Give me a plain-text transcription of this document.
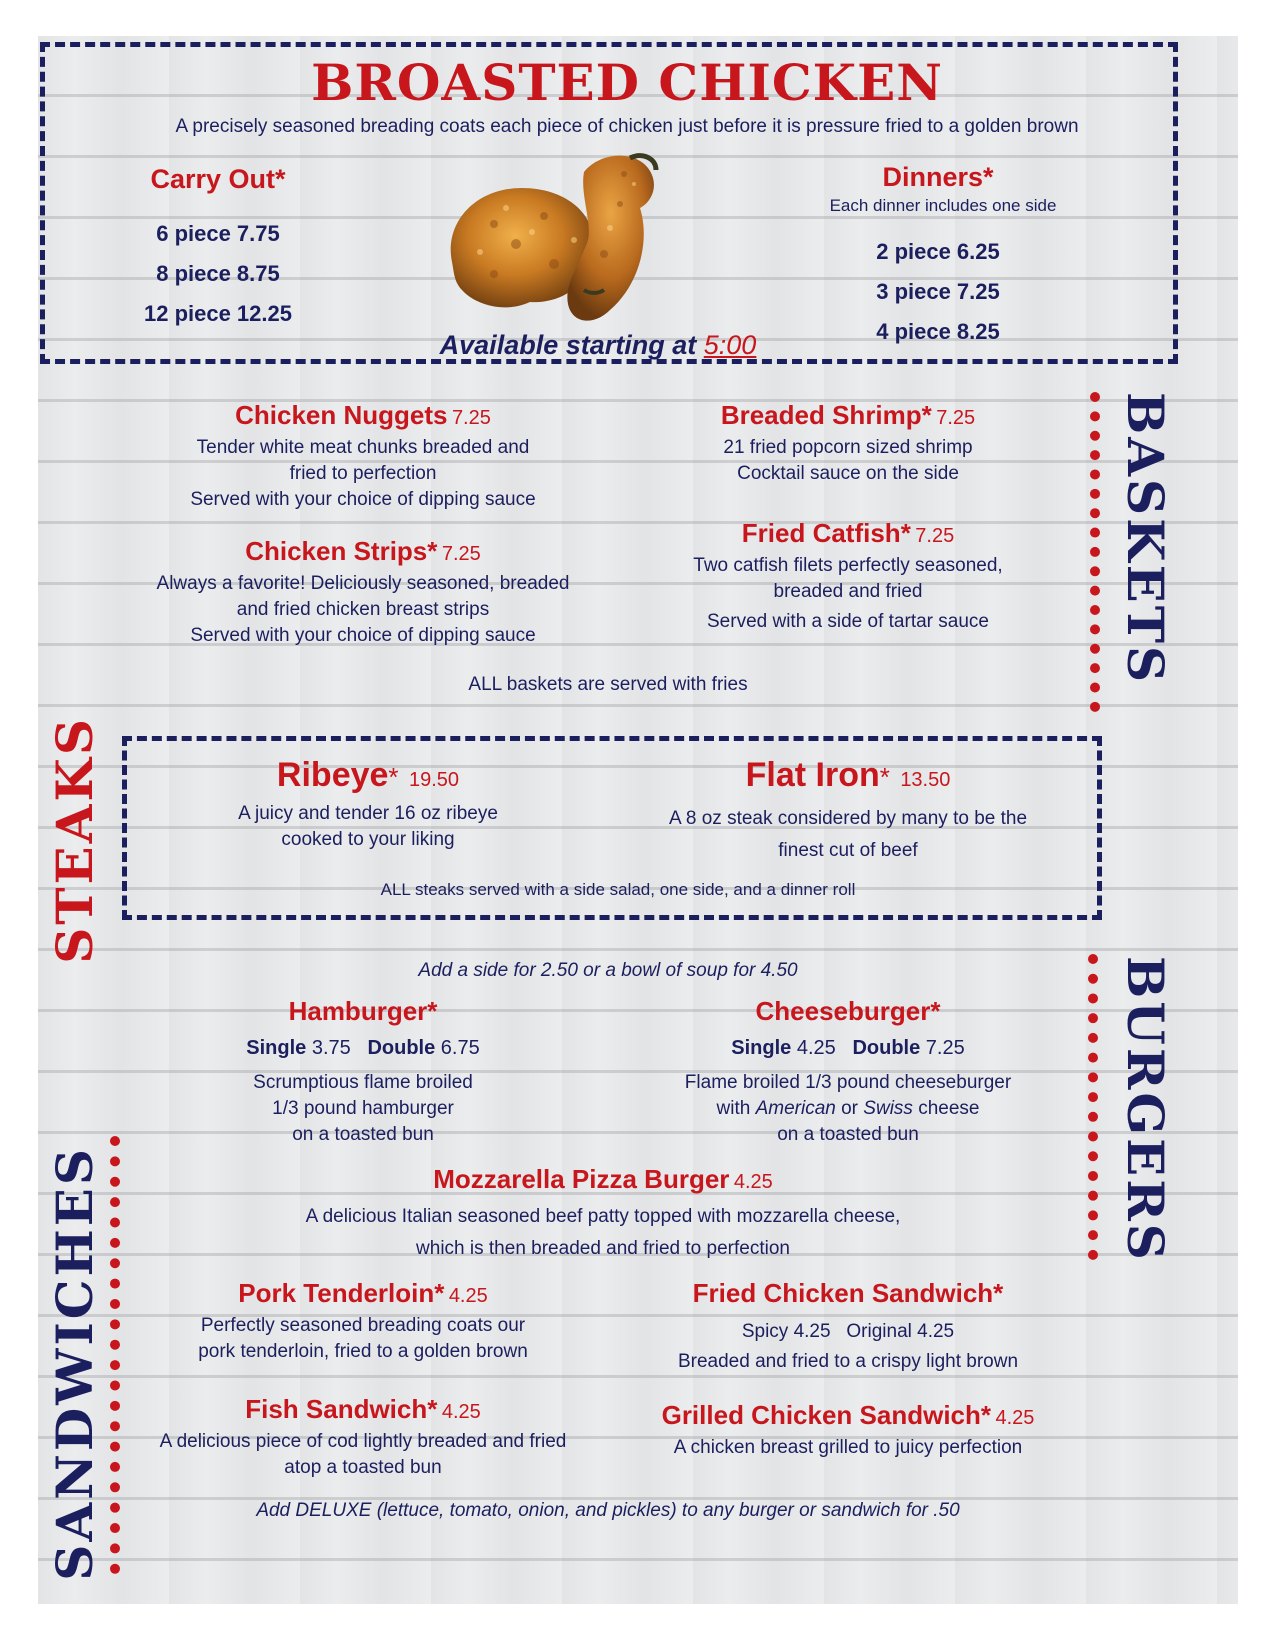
BROASTED CHICKEN
A precisely seasoned breading coats each piece of chicken just before it is pressure fried to a golden brown
Carry Out*
6 piece 7.75
8 piece 8.75
12 piece 12.25
Dinners*
Each dinner includes one side
2 piece 6.25
3 piece 7.25
4 piece 8.25
Available starting at 5:00
BASKETS
Chicken Nuggets 7.25
Tender white meat chunks breaded and
fried to perfection
Served with your choice of dipping sauce
Breaded Shrimp* 7.25
21 fried popcorn sized shrimp
Cocktail sauce on the side
Chicken Strips* 7.25
Always a favorite! Deliciously seasoned, breaded
and fried chicken breast strips
Served with your choice of dipping sauce
Fried Catfish* 7.25
Two catfish filets perfectly seasoned,
breaded and fried
Served with a side of tartar sauce
ALL baskets are served with fries
STEAKS	Ribeye* 19.50
A juicy and tender 16 oz ribeye
cooked to your liking
Flat Iron* 13.50
A 8 oz steak considered by many to be the
finest cut of beef
ALL steaks served with a side salad, one side, and a dinner roll
BURGERS
Add a side for 2.50 or a bowl of soup for 4.50
Hamburger*
Single 3.75 Double 6.75
Scrumptious flame broiled
1/3 pound hamburger
on a toasted bun
Cheeseburger*
Single 4.25 Double 7.25
Flame broiled 1/3 pound cheeseburger
with American or Swiss cheese
on a toasted bun
Mozzarella Pizza Burger 4.25
A delicious Italian seasoned beef patty topped with mozzarella cheese,
which is then breaded and fried to perfection
SANDWICHES	Pork Tenderloin* 4.25
Perfectly seasoned breading coats our
pork tenderloin, fried to a golden brown
Fried Chicken Sandwich*
Spicy 4.25   Original 4.25
Breaded and fried to a crispy light brown
Fish Sandwich* 4.25
A delicious piece of cod lightly breaded and fried
atop a toasted bun
Grilled Chicken Sandwich* 4.25
A chicken breast grilled to juicy perfection
Add DELUXE (lettuce, tomato, onion, and pickles) to any burger or sandwich for .50
